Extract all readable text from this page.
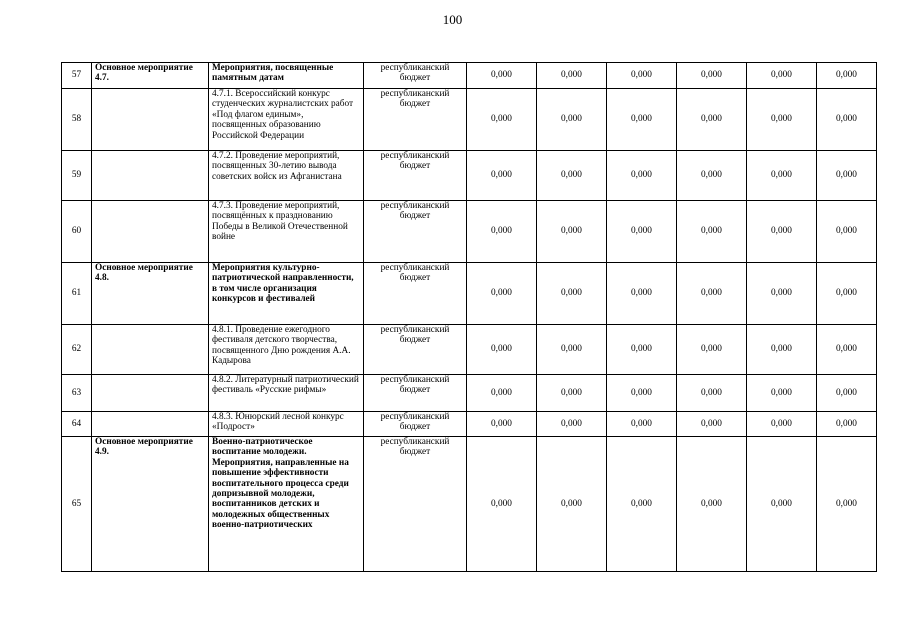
100
57	Основное мероприятие 4.7.	Мероприятия, посвященные памятным датам	республиканский бюджет	0,000	0,000	0,000	0,000	0,000	0,000
58		4.7.1. Всероссийский конкурс студенческих журналистских работ «Под флагом единым», посвященных образованию Российской Федерации	республиканский бюджет	0,000	0,000	0,000	0,000	0,000	0,000
59		4.7.2. Проведение мероприятий, посвященных 30-летию вывода советских войск из Афганистана	республиканский бюджет	0,000	0,000	0,000	0,000	0,000	0,000
60		4.7.3. Проведение мероприятий, посвящённых к празднованию Победы в Великой Отечественной войне	республиканский бюджет	0,000	0,000	0,000	0,000	0,000	0,000
61	Основное мероприятие 4.8.	Мероприятия культурно-патриотической направленности, в том числе организация конкурсов и фестивалей	республиканский бюджет	0,000	0,000	0,000	0,000	0,000	0,000
62		4.8.1. Проведение ежегодного фестиваля детского творчества, посвященного Дню рождения А.А. Кадырова	республиканский бюджет	0,000	0,000	0,000	0,000	0,000	0,000
63		4.8.2. Литературный патриотический фестиваль «Русские рифмы»	республиканский бюджет	0,000	0,000	0,000	0,000	0,000	0,000
64		4.8.3. Юнюрский лесной конкурс «Подрост»	республиканский бюджет	0,000	0,000	0,000	0,000	0,000	0,000
65	Основное мероприятие 4.9.	Военно-патриотическое воспитание молодежи. Мероприятия, направленные на повышение эффективности воспитательного процесса среди допризывной молодежи, воспитанников детских и молодежных общественных военно-патриотических	республиканский бюджет	0,000	0,000	0,000	0,000	0,000	0,000
